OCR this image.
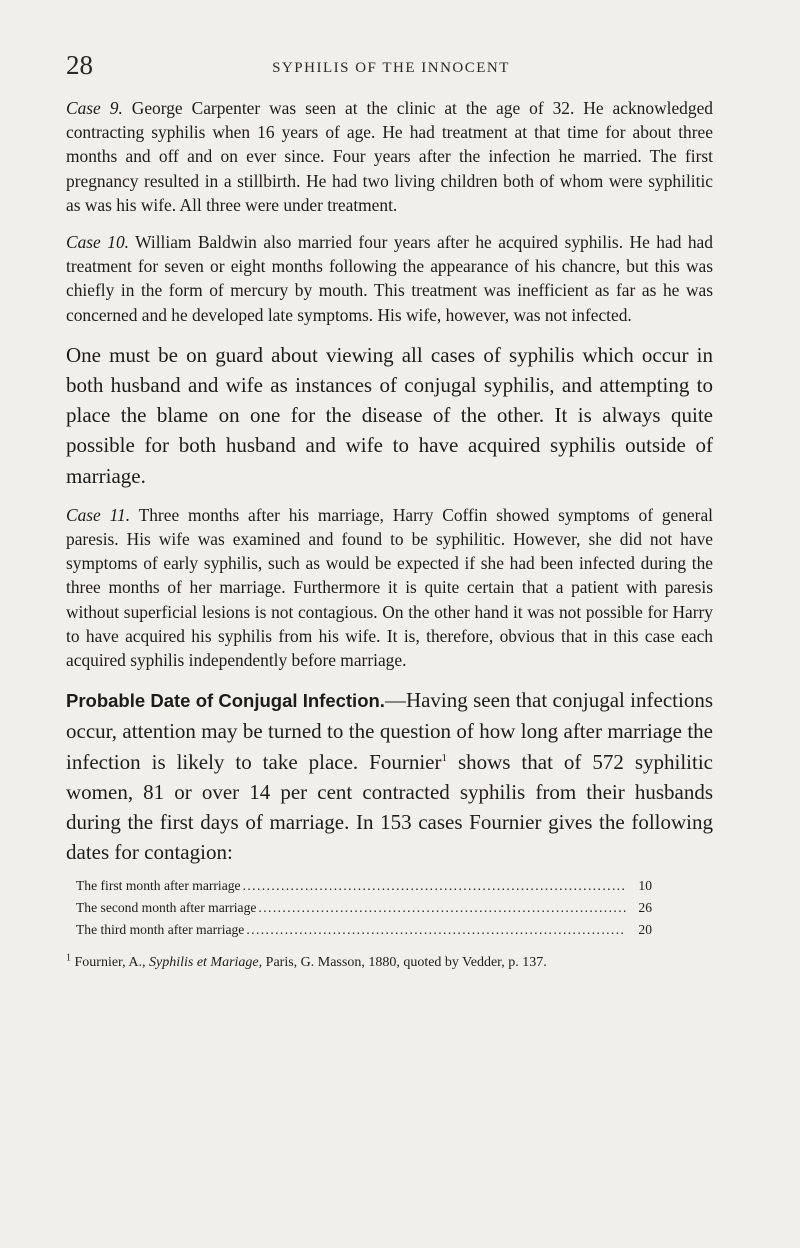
28	SYPHILIS OF THE INNOCENT

Case 9. George Carpenter was seen at the clinic at the age of 32. He acknowledged contracting syphilis when 16 years of age. He had treatment at that time for about three months and off and on ever since. Four years after the infection he married. The first pregnancy resulted in a stillbirth. He had two living children both of whom were syphilitic as was his wife. All three were under treatment.

Case 10. William Baldwin also married four years after he acquired syphilis. He had had treatment for seven or eight months following the appearance of his chancre, but this was chiefly in the form of mercury by mouth. This treatment was inefficient as far as he was concerned and he developed late symptoms. His wife, however, was not infected.

One must be on guard about viewing all cases of syphilis which occur in both husband and wife as instances of conjugal syphilis, and attempting to place the blame on one for the disease of the other. It is always quite possible for both husband and wife to have acquired syphilis outside of marriage.

Case 11. Three months after his marriage, Harry Coffin showed symptoms of general paresis. His wife was examined and found to be syphilitic. However, she did not have symptoms of early syphilis, such as would be expected if she had been infected during the three months of her marriage. Furthermore it is quite certain that a patient with paresis without superficial lesions is not contagious. On the other hand it was not possible for Harry to have acquired his syphilis from his wife. It is, therefore, obvious that in this case each acquired syphilis independently before marriage.

Probable Date of Conjugal Infection.—Having seen that conjugal infections occur, attention may be turned to the question of how long after marriage the infection is likely to take place. Fournier$^1$ shows that of 572 syphilitic women, 81 or over 14 per cent contracted syphilis from their husbands during the first days of marriage. In 153 cases Fournier gives the following dates for contagion:

The first month after marriage . . .	10
The second month after marriage . . .	26
The third month after marriage . . .	20

$^1$ Fournier, A., Syphilis et Mariage, Paris, G. Masson, 1880, quoted by Vedder, p. 137.
